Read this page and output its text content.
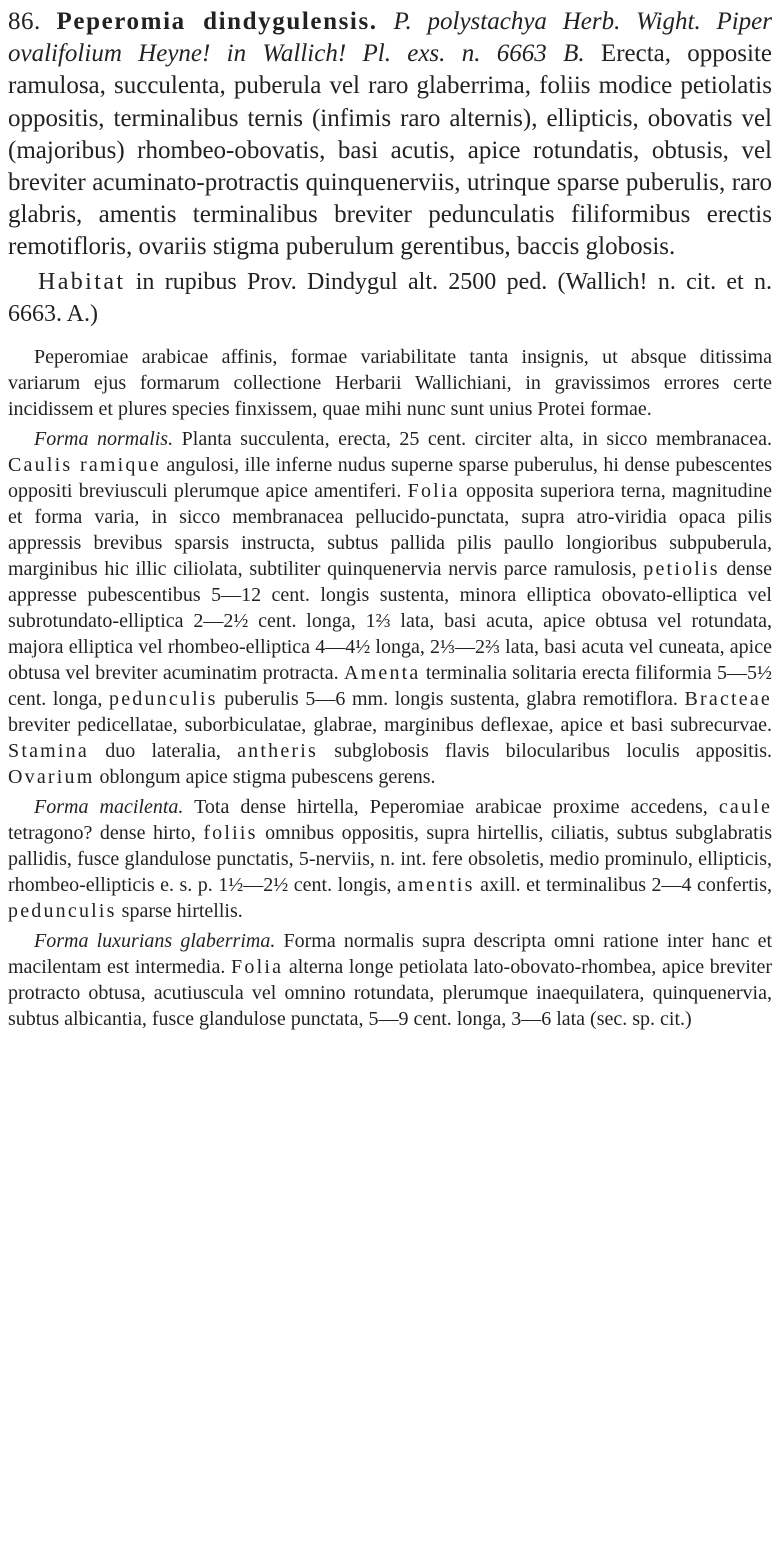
86. Peperomia dindygulensis. P. polystachya Herb. Wight. Piper ovalifolium Heyne! in Wallich! Pl. exs. n. 6663 B. Erecta, opposite ramulosa, succulenta, puberula vel raro glaberrima, foliis modice petiolatis oppositis, terminalibus ternis (infimis raro alternis), ellipticis, obovatis vel (majoribus) rhombeo-obovatis, basi acutis, apice rotundatis, obtusis, vel breviter acuminato-protractis quinquenerviis, utrinque sparse puberulis, raro glabris, amentis terminalibus breviter pedunculatis filiformibus erectis remotifloris, ovariis stigma puberulum gerentibus, baccis globosis.

Habitat in rupibus Prov. Dindygul alt. 2500 ped. (Wallich! n. cit. et n. 6663. A.)

Peperomiae arabicae affinis, formae variabilitate tanta insignis, ut absque ditissima variarum ejus formarum collectione Herbarii Wallichiani, in gravissimos errores certe incidissem et plures species finxissem, quae mihi nunc sunt unius Protei formae.

Forma normalis. Planta succulenta, erecta, 25 cent. circiter alta, in sicco membranacea. Caulis ramique angulosi, ille inferne nudus superne sparse puberulus, hi dense pubescentes oppositi breviusculi plerumque apice amentiferi. Folia opposita superiora terna, magnitudine et forma varia, in sicco membranacea pellucido-punctata, supra atro-viridia opaca pilis appressis brevibus sparsis instructa, subtus pallida pilis paullo longioribus subpuberula, marginibus hic illic ciliolata, subtiliter quinquenervia nervis parce ramulosis, petiolis dense appresse pubescentibus 5—12 cent. longis sustenta, minora elliptica obovato-elliptica vel subrotundato-elliptica 2—2½ cent. longa, 1⅔ lata, basi acuta, apice obtusa vel rotundata, majora elliptica vel rhombeo-elliptica 4—4½ longa, 2⅓—2⅔ lata, basi acuta vel cuneata, apice obtusa vel breviter acuminatim protracta. Amenta terminalia solitaria erecta filiformia 5—5½ cent. longa, pedunculis puberulis 5—6 mm. longis sustenta, glabra remotiflora. Bracteae breviter pedicellatae, suborbiculatae, glabrae, marginibus deflexae, apice et basi subrecurvae. Stamina duo lateralia, antheris subglobosis flavis bilocularibus loculis appositis. Ovarium oblongum apice stigma pubescens gerens.

Forma macilenta. Tota dense hirtella, Peperomiae arabicae proxime accedens, caule tetragono? dense hirto, foliis omnibus oppositis, supra hirtellis, ciliatis, subtus subglabratis pallidis, fusce glandulose punctatis, 5-nerviis, n. int. fere obsoletis, medio prominulo, ellipticis, rhombeo-ellipticis e. s. p. 1½—2½ cent. longis, amentis axill. et terminalibus 2—4 confertis, pedunculis sparse hirtellis.

Forma luxurians glaberrima. Forma normalis supra descripta omni ratione inter hanc et macilentam est intermedia. Folia alterna longe petiolata lato-obovato-rhombea, apice breviter protracto obtusa, acutiuscula vel omnino rotundata, plerumque inaequilatera, quinquenervia, subtus albicantia, fusce glandulose punctata, 5—9 cent. longa, 3—6 lata (sec. sp. cit.)
